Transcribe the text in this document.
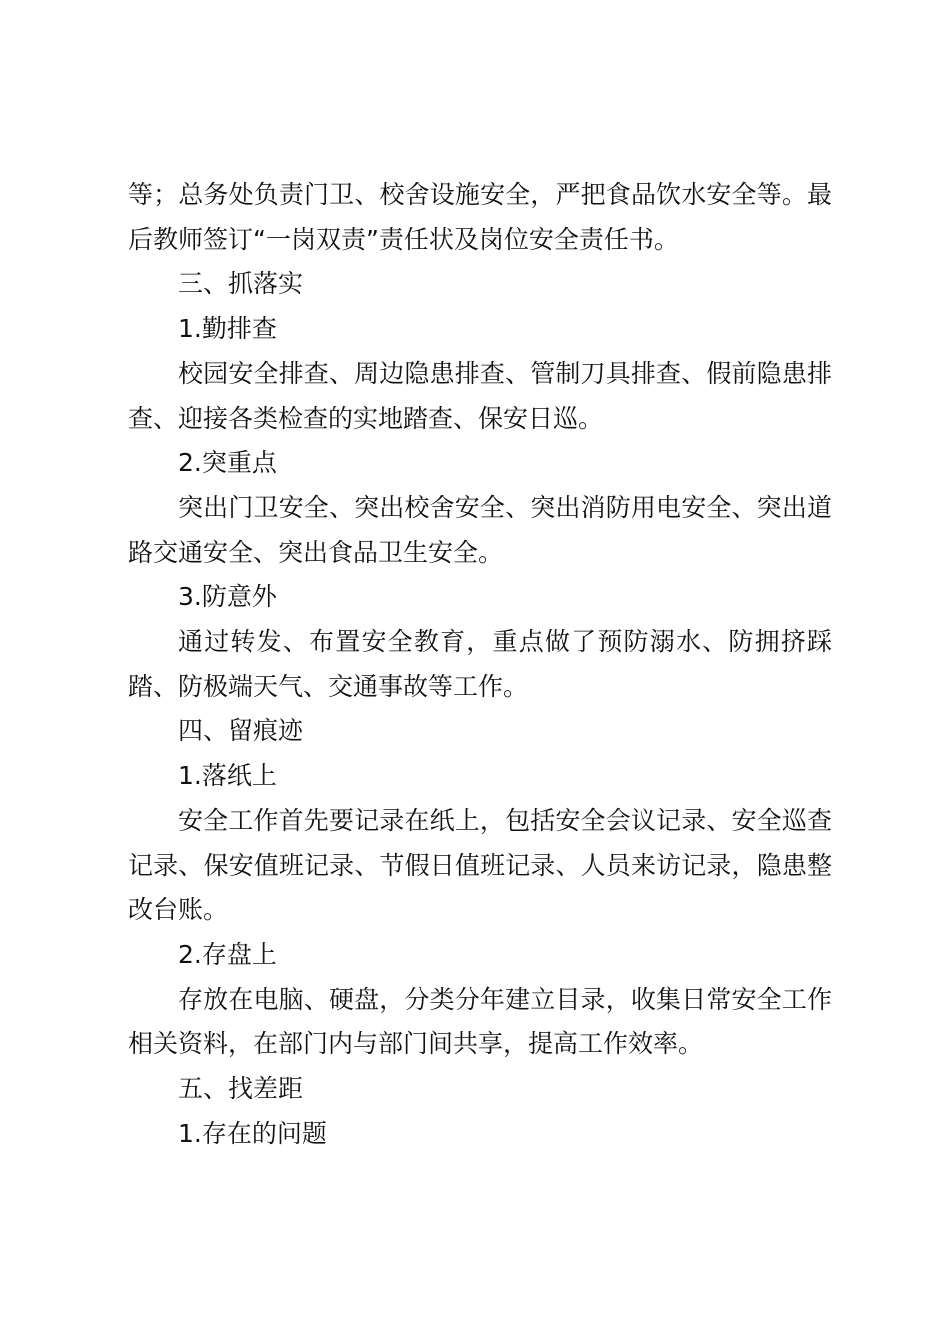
等；总务处负责门卫、校舍设施安全，严把食品饮水安全等。最后教师签订“一岗双责”责任状及岗位安全责任书。

三、抓落实

1.勤排查

校园安全排查、周边隐患排查、管制刀具排查、假前隐患排查、迎接各类检查的实地踏查、保安日巡。

2.突重点

突出门卫安全、突出校舍安全、突出消防用电安全、突出道路交通安全、突出食品卫生安全。

3.防意外

通过转发、布置安全教育，重点做了预防溺水、防拥挤踩踏、防极端天气、交通事故等工作。

四、留痕迹

1.落纸上

安全工作首先要记录在纸上，包括安全会议记录、安全巡查记录、保安值班记录、节假日值班记录、人员来访记录，隐患整改台账。

2.存盘上

存放在电脑、硬盘，分类分年建立目录，收集日常安全工作相关资料，在部门内与部门间共享，提高工作效率。

五、找差距

1.存在的问题
